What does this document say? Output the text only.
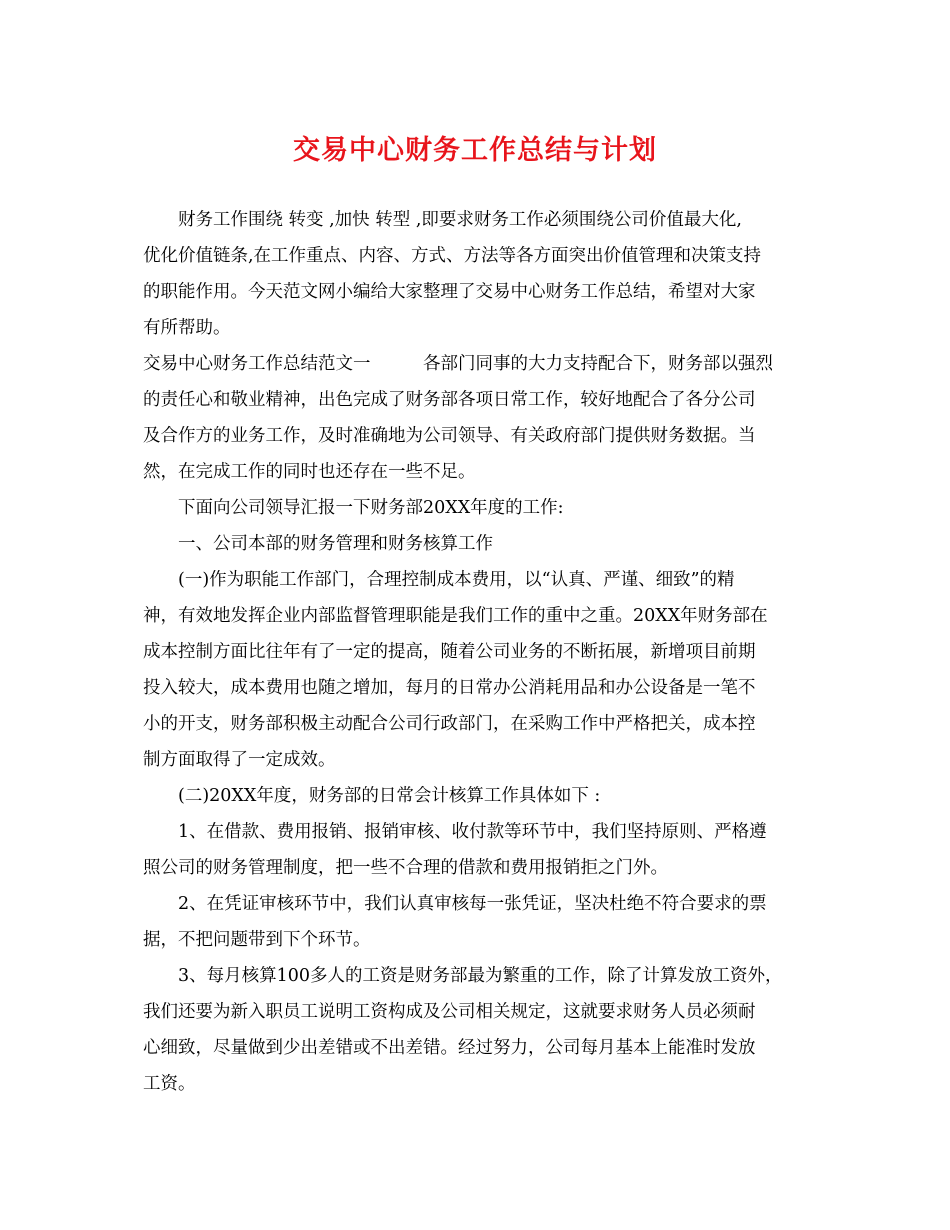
交易中心财务工作总结与计划
　　财务工作围绕 转变 ,加快 转型 ,即要求财务工作必须围绕公司价值最大化,
优化价值链条,在工作重点、内容、方式、方法等各方面突出价值管理和决策支持
的职能作用。今天范文网小编给大家整理了交易中心财务工作总结，希望对大家
有所帮助。
交易中心财务工作总结范文一　　　各部门同事的大力支持配合下，财务部以强烈
的责任心和敬业精神，出色完成了财务部各项日常工作，较好地配合了各分公司
及合作方的业务工作，及时准确地为公司领导、有关政府部门提供财务数据。当
然，在完成工作的同时也还存在一些不足。
　　下面向公司领导汇报一下财务部20XX年度的工作:
　　一、公司本部的财务管理和财务核算工作
　　(一)作为职能工作部门，合理控制成本费用，以“认真、严谨、细致”的精
神，有效地发挥企业内部监督管理职能是我们工作的重中之重。20XX年财务部在
成本控制方面比往年有了一定的提高，随着公司业务的不断拓展，新增项目前期
投入较大，成本费用也随之增加，每月的日常办公消耗用品和办公设备是一笔不
小的开支，财务部积极主动配合公司行政部门，在采购工作中严格把关，成本控
制方面取得了一定成效。
　　(二)20XX年度，财务部的日常会计核算工作具体如下 :
　　1、在借款、费用报销、报销审核、收付款等环节中，我们坚持原则、严格遵
照公司的财务管理制度，把一些不合理的借款和费用报销拒之门外。
　　2、在凭证审核环节中，我们认真审核每一张凭证，坚决杜绝不符合要求的票
据，不把问题带到下个环节。
　　3、每月核算100多人的工资是财务部最为繁重的工作，除了计算发放工资外，
我们还要为新入职员工说明工资构成及公司相关规定，这就要求财务人员必须耐
心细致，尽量做到少出差错或不出差错。经过努力，公司每月基本上能准时发放
工资。
